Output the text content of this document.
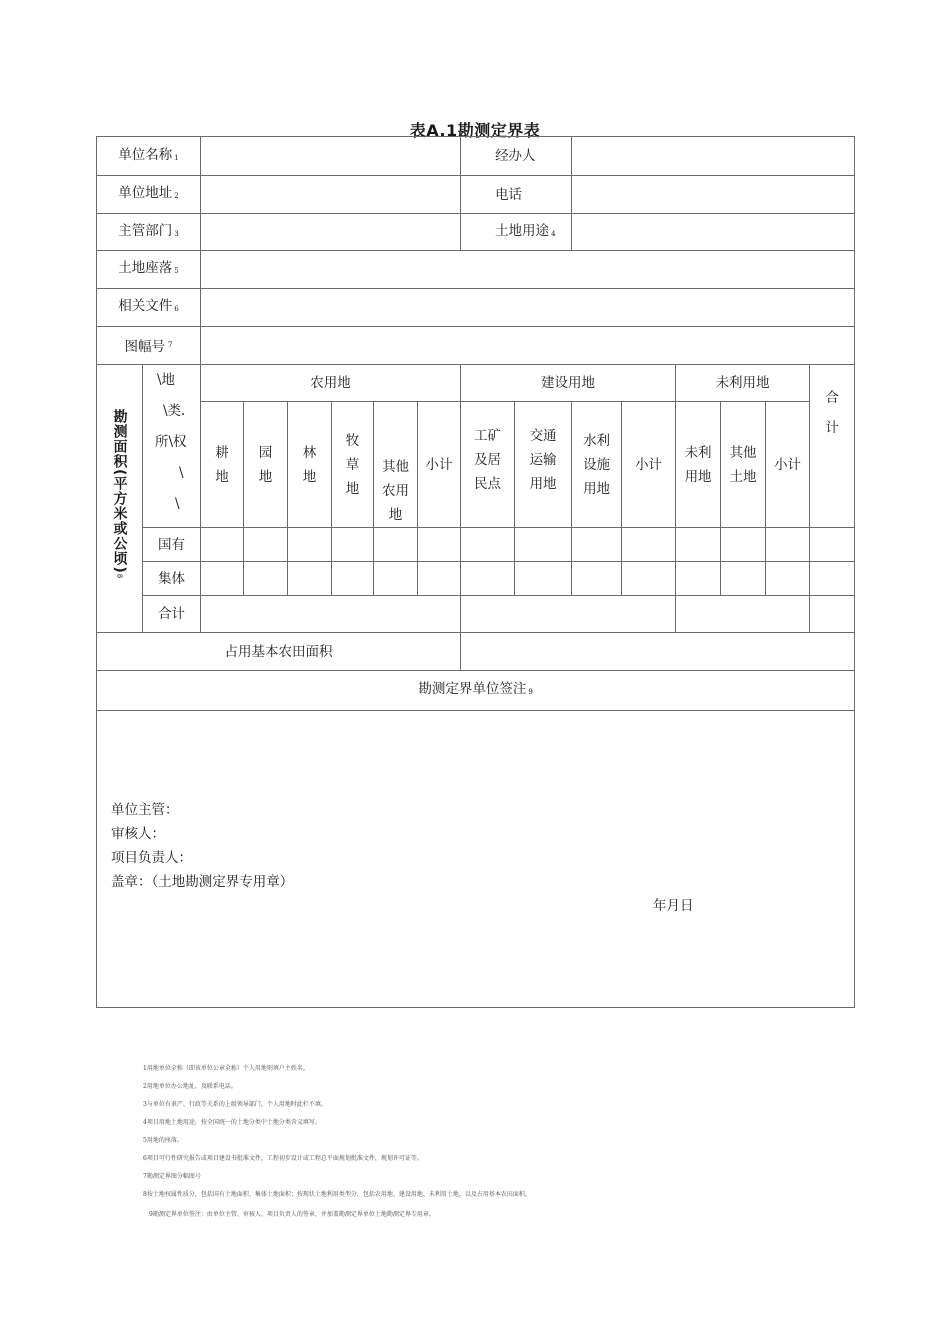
表A.1勘测定界表
单位名称 $_1$								经办人							
单位地址 $_2$								电话							
主管部门 $_3$								土地用途 $_4$	
土地座落 $_5$	
相关文件 $_6$	
图幅号 $^7$	
勘测面积(平方米或公顷)8	\地
\类.
所\权
\
\	农用地						建设用地				未利用地			合计
		耕地	园地	林地	牧草地	其他农用地	小计	工矿及居民点	交通运输用地	水利设施用地	小计	未利用地	其他土地	小计	
	国有														
	集体														
	合计														
占用基本农田面积															
勘测定界单位签注 $_9$

单位主管：
审核人：
项目负责人：
盖章：（土地勘测定界专用章）
年月日															
1用地单位全称（即该单位公章全称）个人用地则填户主姓名。
2用地单位办公地址，及联系电话。
3与单位有隶产、行政等关系的上级领导部门，个人用地时此栏不填。
4项目用地土地用途，按全国统一的土地分类中土地分类含义填写。
5用地的座落。
6项目可行性研究报告或项目建设书批准文件，工程初步设计或工程总平面规划批准文件，规划许可证等。
7勘测定界图分幅图号
8按土地权属性质分，包括国有土地面积、集体土地面积；按现状土地利用类型分，包括农用地、建设用地、未利用土地，以及占用基本农田面积。
9勘测定界单位签注：由单位主管、审核人、项目负责人的签章，并加盖勘测定界单位土地勘测定界专用章。
